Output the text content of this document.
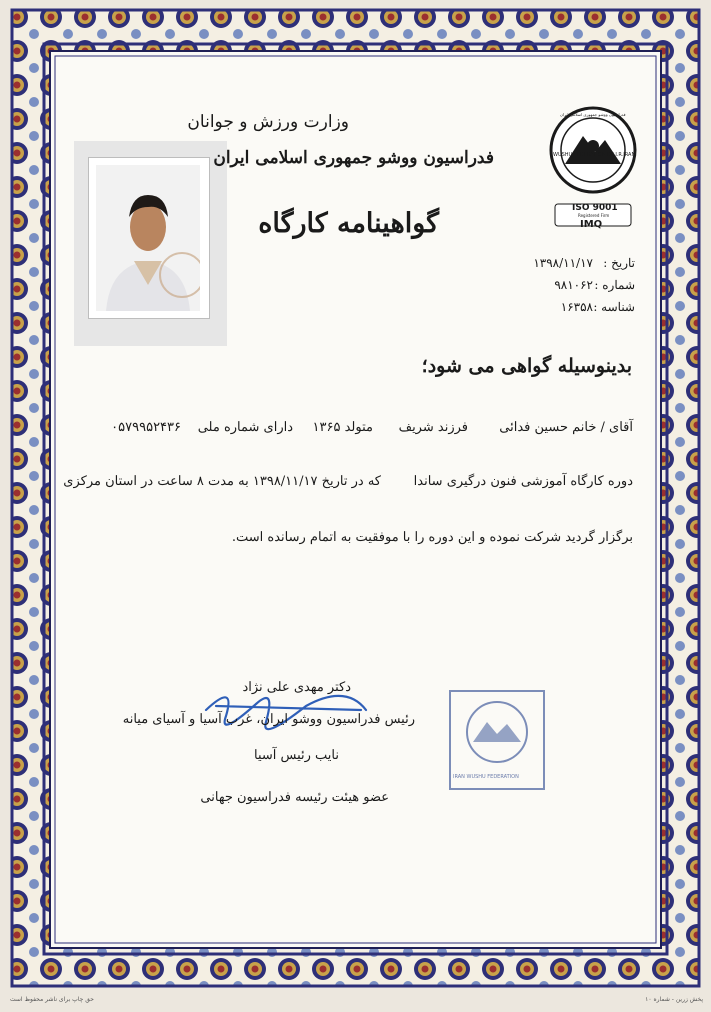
WUSHU FEDERATION OF I.R.IRAN
ISO 9001
Registered Firm
IMQ
فدراسیون ووشو جمهوری اسلامی ایران
وزارت ورزش و جوانان
فدراسیون ووشو جمهوری اسلامی ایران
گواهینامه کارگاه
تاریخ :
۱۳۹۸/۱۱/۱۷
شماره :
۹۸۱۰۶۲
شناسه :
۱۶۳۵۸
بدینوسیله گواهی می شود؛
آقای / خانم حسین فدائی
فرزند شریف
متولد ۱۳۶۵
دارای شماره ملی
۰۵۷۹۹۵۲۴۳۶
دوره کارگاه آموزشی فنون درگیری ساندا
که در تاریخ ۱۳۹۸/۱۱/۱۷ به مدت ۸ ساعت در استان مرکزی
برگزار گردید شرکت نموده و این دوره را با موفقیت به اتمام رسانده است.
دکتر مهدی علی نژاد
رئیس فدراسیون ووشو ایران، غرب آسیا و آسیای میانه
نایب رئیس آسیا
عضو هیئت رئیسه فدراسیون جهانی
IRAN WUSHU FEDERATION
حق چاپ برای ناشر محفوظ است	پخش زرین - شماره ۱۰
